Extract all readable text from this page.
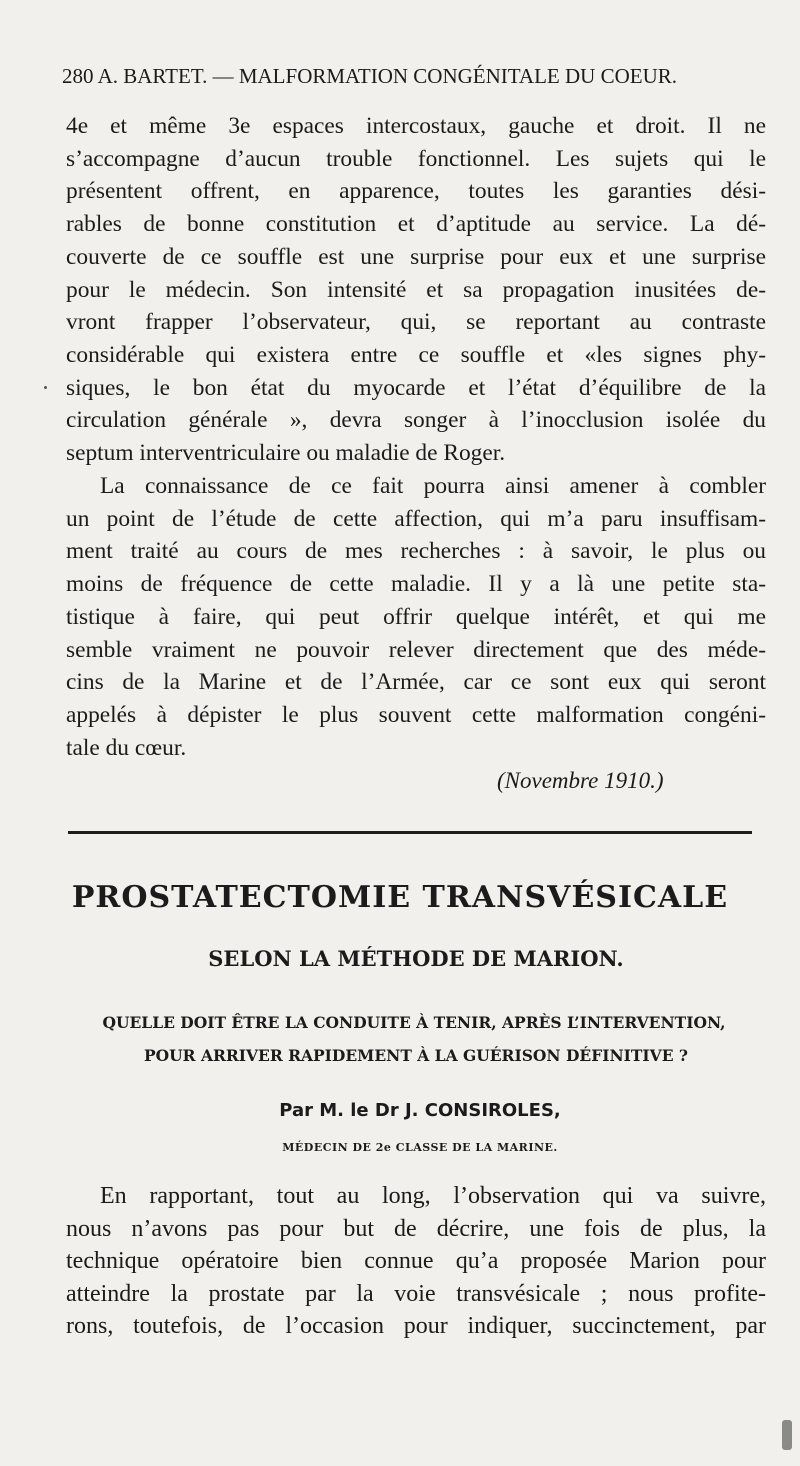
280 A. BARTET. — MALFORMATION CONGÉNITALE DU COEUR.
4e et même 3e espaces intercostaux, gauche et droit. Il ne
s’accompagne d’aucun trouble fonctionnel. Les sujets qui le
présentent offrent, en apparence, toutes les garanties dési-
rables de bonne constitution et d’aptitude au service. La dé-
couverte de ce souffle est une surprise pour eux et une surprise
pour le médecin. Son intensité et sa propagation inusitées de-
vront frapper l’observateur, qui, se reportant au contraste
considérable qui existera entre ce souffle et «les signes phy-
siques, le bon état du myocarde et l’état d’équilibre de la
circulation générale », devra songer à l’inocclusion isolée du
septum interventriculaire ou maladie de Roger.
La connaissance de ce fait pourra ainsi amener à combler
un point de l’étude de cette affection, qui m’a paru insuffisam-
ment traité au cours de mes recherches : à savoir, le plus ou
moins de fréquence de cette maladie. Il y a là une petite sta-
tistique à faire, qui peut offrir quelque intérêt, et qui me
semble vraiment ne pouvoir relever directement que des méde-
cins de la Marine et de l’Armée, car ce sont eux qui seront
appelés à dépister le plus souvent cette malformation congéni-
tale du cœur.
(Novembre 1910.)
PROSTATECTOMIE TRANSVÉSICALE
SELON LA MÉTHODE DE MARION.
QUELLE DOIT ÊTRE LA CONDUITE À TENIR, APRÈS L’INTERVENTION,
POUR ARRIVER RAPIDEMENT À LA GUÉRISON DÉFINITIVE ?
Par M. le Dr J. CONSIROLES,
MÉDECIN DE 2e CLASSE DE LA MARINE.
En rapportant, tout au long, l’observation qui va suivre,
nous n’avons pas pour but de décrire, une fois de plus, la
technique opératoire bien connue qu’a proposée Marion pour
atteindre la prostate par la voie transvésicale ; nous profite-
rons, toutefois, de l’occasion pour indiquer, succinctement, par
